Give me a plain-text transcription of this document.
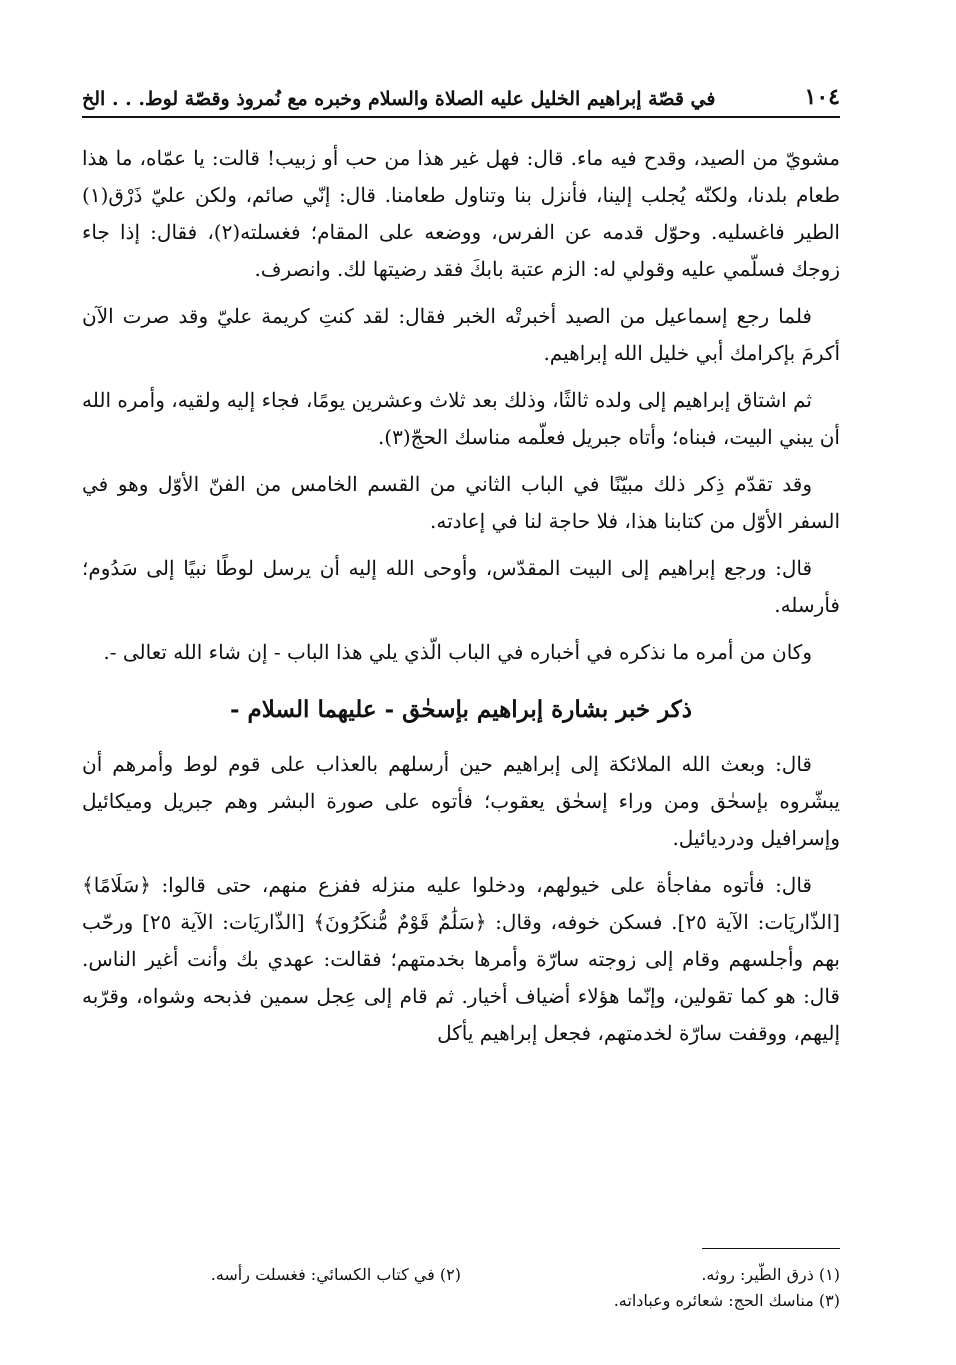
١٠٤
في قصّة إبراهيم الخليل عليه الصلاة والسلام وخبره مع نُمروذ وقصّة لوط. . . الخ

مشويّ من الصيد، وقدح فيه ماء. قال: فهل غير هذا من حب أو زبيب! قالت: يا عمّاه، ما هذا طعام بلدنا، ولكنّه يُجلب إلينا، فأنزل بنا وتناول طعامنا. قال: إنّي صائم، ولكن عليّ ذَرْق(١) الطير فاغسليه. وحوّل قدمه عن الفرس، ووضعه على المقام؛ فغسلته(٢)، فقال: إذا جاء زوجك فسلّمي عليه وقولي له: الزم عتبة بابكَ فقد رضيتها لك. وانصرف.

فلما رجع إسماعيل من الصيد أخبرتْه الخبر فقال: لقد كنتِ كريمة عليّ وقد صرت الآن أكرمَ بإكرامك أبي خليل الله إبراهيم.

ثم اشتاق إبراهيم إلى ولده ثالثًا، وذلك بعد ثلاث وعشرين يومًا، فجاء إليه ولقيه، وأمره الله أن يبني البيت، فبناه؛ وأتاه جبريل فعلّمه مناسك الحجّ(٣).

وقد تقدّم ذِكر ذلك مبيّنًا في الباب الثاني من القسم الخامس من الفنّ الأوّل وهو في السفر الأوّل من كتابنا هذا، فلا حاجة لنا في إعادته.

قال: ورجع إبراهيم إلى البيت المقدّس، وأوحى الله إليه أن يرسل لوطًا نبيًا إلى سَدُوم؛ فأرسله.

وكان من أمره ما نذكره في أخباره في الباب الّذي يلي هذا الباب - إن شاء الله تعالى -.

ذكر خبر بشارة إبراهيم بإسحٰق - عليهما السلام -

قال: وبعث الله الملائكة إلى إبراهيم حين أرسلهم بالعذاب على قوم لوط وأمرهم أن يبشّروه بإسحٰق ومن وراء إسحٰق يعقوب؛ فأتوه على صورة البشر وهم جبريل وميكائيل وإسرافيل ودرديائيل.

قال: فأتوه مفاجأة على خيولهم، ودخلوا عليه منزله ففزع منهم، حتى قالوا: ﴿سَلَامًا﴾ [الذّاريَات: الآية ٢٥]. فسكن خوفه، وقال: ﴿سَلَٰمٌ قَوْمٌ مُّنكَرُونَ﴾ [الذّاريَات: الآية ٢٥] ورحّب بهم وأجلسهم وقام إلى زوجته سارّة وأمرها بخدمتهم؛ فقالت: عهدي بك وأنت أغير الناس. قال: هو كما تقولين، وإنّما هؤلاء أضياف أخيار. ثم قام إلى عِجل سمين فذبحه وشواه، وقرّبه إليهم، ووقفت سارّة لخدمتهم، فجعل إبراهيم يأكل

(١) ذرق الطّير: روثه.
(٢) في كتاب الكسائي: فغسلت رأسه.
(٣) مناسك الحج: شعائره وعباداته.
